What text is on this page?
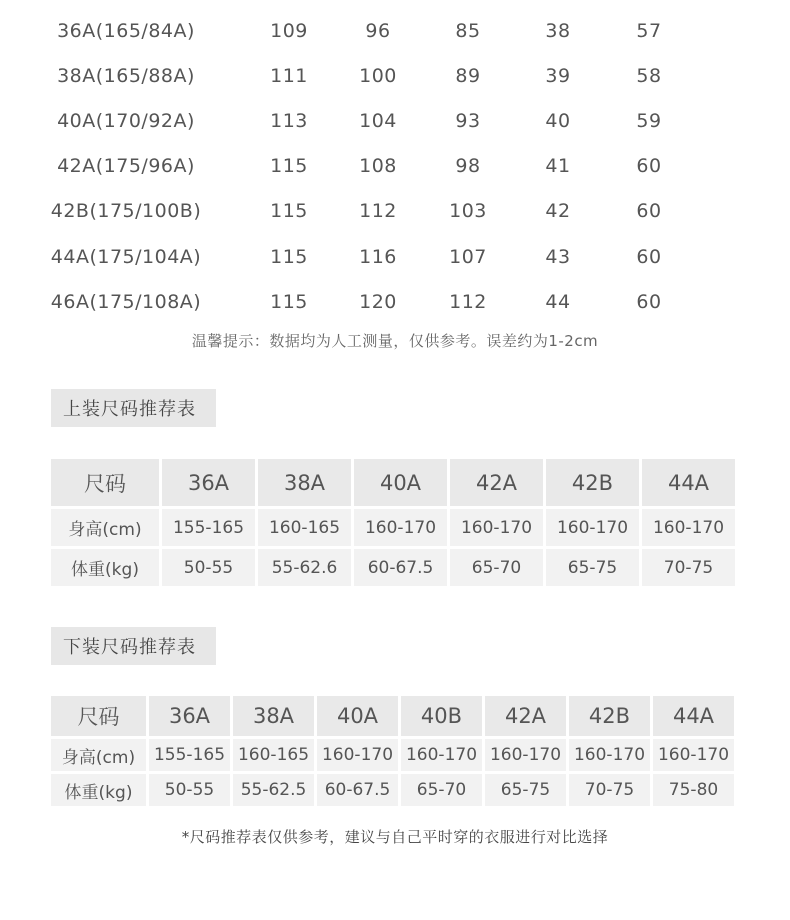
36A(165/84A)	109	96	85	38	57
38A(165/88A)	111	100	89	39	58
40A(170/92A)	113	104	93	40	59
42A(175/96A)	115	108	98	41	60
42B(175/100B)	115	112	103	42	60
44A(175/104A)	115	116	107	43	60
46A(175/108A)	115	120	112	44	60
温馨提示：数据均为人工测量，仅供参考。误差约为1-2cm
上装尺码推荐表
尺码	36A	38A	40A	42A	42B	44A
身高(cm)	155-165	160-165	160-170	160-170	160-170	160-170
体重(kg)	50-55	55-62.6	60-67.5	65-70	65-75	70-75
下装尺码推荐表
尺码	36A	38A	40A	40B	42A	42B	44A
身高(cm)	155-165	160-165	160-170	160-170	160-170	160-170	160-170
体重(kg)	50-55	55-62.5	60-67.5	65-70	65-75	70-75	75-80
*尺码推荐表仅供参考，建议与自己平时穿的衣服进行对比选择
